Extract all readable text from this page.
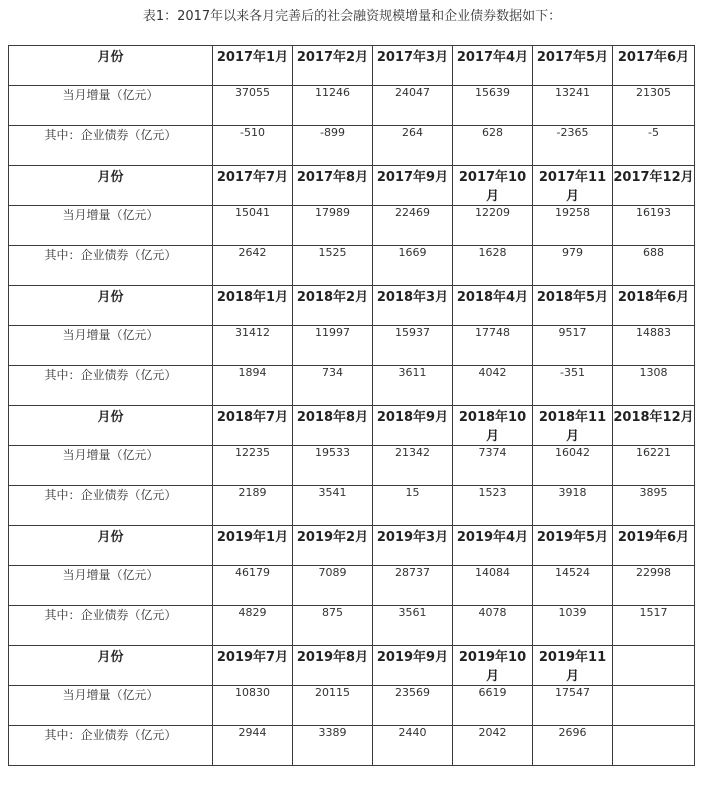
表1：2017年以来各月完善后的社会融资规模增量和企业债券数据如下：
月份	2017年1月	2017年2月	2017年3月	2017年4月	2017年5月	2017年6月
当月增量（亿元）	37055	11246	24047	15639	13241	21305
其中：企业债券（亿元）	-510	-899	264	628	-2365	-5
月份	2017年7月	2017年8月	2017年9月	2017年10月	2017年11月	2017年12月
当月增量（亿元）	15041	17989	22469	12209	19258	16193
其中：企业债券（亿元）	2642	1525	1669	1628	979	688
月份	2018年1月	2018年2月	2018年3月	2018年4月	2018年5月	2018年6月
当月增量（亿元）	31412	11997	15937	17748	9517	14883
其中：企业债券（亿元）	1894	734	3611	4042	-351	1308
月份	2018年7月	2018年8月	2018年9月	2018年10月	2018年11月	2018年12月
当月增量（亿元）	12235	19533	21342	7374	16042	16221
其中：企业债券（亿元）	2189	3541	15	1523	3918	3895
月份	2019年1月	2019年2月	2019年3月	2019年4月	2019年5月	2019年6月
当月增量（亿元）	46179	7089	28737	14084	14524	22998
其中：企业债券（亿元）	4829	875	3561	4078	1039	1517
月份	2019年7月	2019年8月	2019年9月	2019年10月	2019年11月	
当月增量（亿元）	10830	20115	23569	6619	17547	
其中：企业债券（亿元）	2944	3389	2440	2042	2696	
